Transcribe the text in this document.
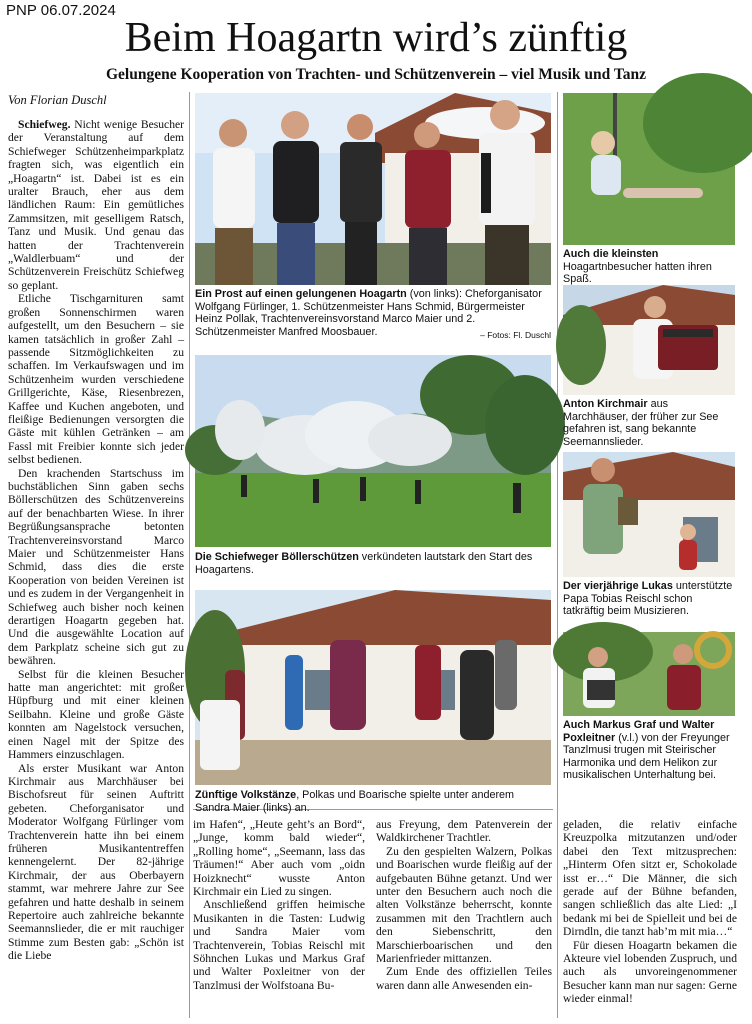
PNP 06.07.2024
Beim Hoagartn wird’s zünftig
Gelungene Kooperation von Trachten- und Schützenverein – viel Musik und Tanz
Von Florian Duschl

Schiefweg. Nicht wenige Besucher der Veranstaltung auf dem Schiefweger Schützenheimparkplatz fragten sich, was eigentlich ein „Hoagartn“ ist. Dabei ist es ein uralter Brauch, eher aus dem ländlichen Raum: Ein gemütliches Zammsitzen, mit geselligem Ratsch, Tanz und Musik. Und genau das hatten der Trachtenverein „Waldlerbuam“ und der Schützenverein Freischütz Schiefweg so geplant.

Etliche Tischgarnituren samt großen Sonnenschirmen waren aufgestellt, um den Besuchern – sie kamen tatsächlich in großer Zahl – passende Sitzmöglichkeiten zu schaffen. Im Verkaufswagen und im Schützenheim wurden verschiedene Grillgerichte, Käse, Riesenbrezen, Kaffee und Kuchen angeboten, und fleißige Bedienungen versorgten die Gäste mit kühlen Getränken – am Fassl mit Freibier konnte sich jeder selbst bedienen.

Den krachenden Startschuss im buchstäblichen Sinn gaben sechs Böllerschützen des Schützenvereins auf der benachbarten Wiese. In ihrer Begrüßungsansprache betonten Trachtenvereinsvorstand Marco Maier und Schützenmeister Hans Schmid, dass dies die erste Kooperation von beiden Vereinen ist und es zudem in der Vergangenheit in Schiefweg auch bisher noch keinen derartigen Hoagartn gegeben hat. Und die ausgewählte Location auf dem Parkplatz scheine sich gut zu bewähren.

Selbst für die kleinen Besucher hatte man angerichtet: mit großer Hüpfburg und mit einer kleinen Seilbahn. Kleine und große Gäste konnten am Nagelstock versuchen, einen Nagel mit der Spitze des Hammers einzuschlagen.

Als erster Musikant war Anton Kirchmair aus Marchhäuser bei Bischofsreut für seinen Auftritt gebeten. Cheforganisator und Moderator Wolfgang Fürlinger vom Trachtenverein hatte ihn bei einem früheren Musikantentreffen kennengelernt. Der 82-jährige Kirchmair, der aus Oberbayern stammt, war mehrere Jahre zur See gefahren und hatte deshalb in seinem Repertoire auch zahlreiche bekannte Seemannslieder, die er mit rauchiger Stimme zum Besten gab: „Schön ist die Liebe

Ein Prost auf einen gelungenen Hoagartn (von links): Cheforganisator Wolfgang Fürlinger, 1. Schützenmeister Hans Schmid, Bürgermeister Heinz Pollak, Trachtenvereinsvorstand Marco Maier und 2. Schützenmeister Manfred Moosbauer.	– Fotos: Fl. Duschl
Die Schiefweger Böllerschützen verkündeten lautstark den Start des Hoagartens.
Zünftige Volkstänze, Polkas und Boarische spielte unter anderem Sandra Maier (links) an.

im Hafen“, „Heute geht’s an Bord“, „Junge, komm bald wieder“, „Rolling home“, „Seemann, lass das Träumen!“ Aber auch vom „oidn Hoizknecht“ wusste Anton Kirchmair ein Lied zu singen.

Anschließend griffen heimische Musikanten in die Tasten: Ludwig und Sandra Maier vom Trachtenverein, Tobias Reischl mit Söhnchen Lukas und Markus Graf und Walter Poxleitner von der Tanzlmusi der Wolfstoana Bu-

aus Freyung, dem Patenverein der Waldkirchener Trachtler.

Zu den gespielten Walzern, Polkas und Boarischen wurde fleißig auf der aufgebauten Bühne getanzt. Und wer unter den Besuchern auch noch die alten Volkstänze beherrscht, konnte zusammen mit den Trachtlern auch den Siebenschritt, den Marschierboarischen und den Marienfrieder mittanzen.

Zum Ende des offiziellen Teiles waren dann alle Anwesenden ein-

Auch die kleinsten Hoagartnbesucher hatten ihren Spaß.
Anton Kirchmair aus Marchhäuser, der früher zur See gefahren ist, sang bekannte Seemannslieder.
Der vierjährige Lukas unterstützte Papa Tobias Reischl schon tatkräftig beim Musizieren.
Auch Markus Graf und Walter Poxleitner (v.l.) von der Freyunger Tanzlmusi trugen mit Steirischer Harmonika und dem Helikon zur musikalischen Unterhaltung bei.

geladen, die relativ einfache Kreuzpolka mitzutanzen und/oder dabei den Text mitzusprechen: „Hinterm Ofen sitzt er, Schokolade isst er…“ Die Männer, die sich gerade auf der Bühne befanden, sangen schließlich das alte Lied: „I bedank mi bei de Spielleit und bei de Dirndln, die tanzt hab’m mit mia…“

Für diesen Hoagartn bekamen die Akteure viel lobenden Zuspruch, und auch als unvoreingenommener Besucher kann man nur sagen: Gerne wieder einmal!
